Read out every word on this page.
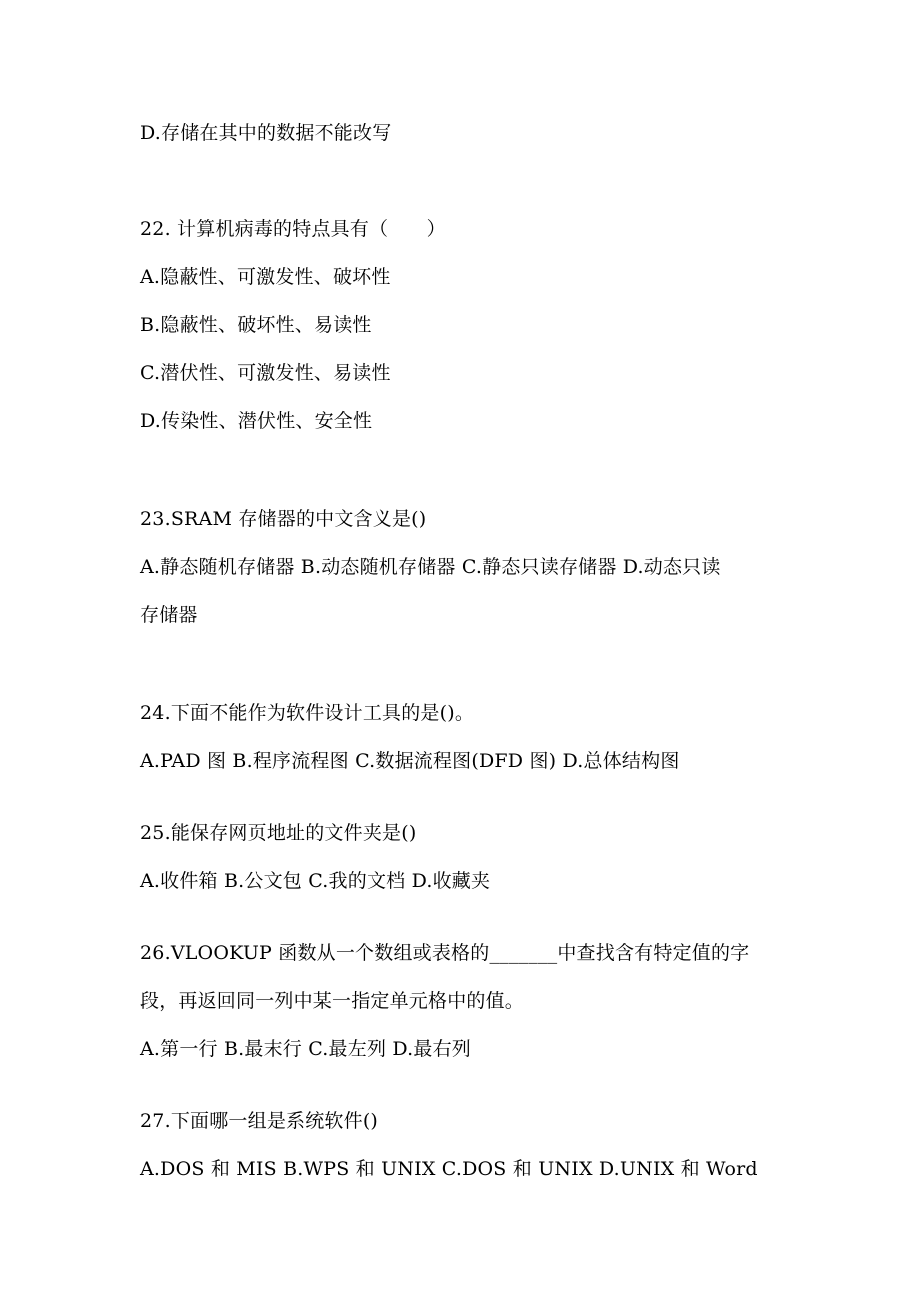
D.存储在其中的数据不能改写
22. 计算机病毒的特点具有（　　）
A.隐蔽性、可激发性、破坏性
B.隐蔽性、破坏性、易读性
C.潜伏性、可激发性、易读性
D.传染性、潜伏性、安全性
23.SRAM 存储器的中文含义是()
A.静态随机存储器 B.动态随机存储器 C.静态只读存储器 D.动态只读
存储器
24.下面不能作为软件设计工具的是()。
A.PAD 图 B.程序流程图 C.数据流程图(DFD 图) D.总体结构图
25.能保存网页地址的文件夹是()
A.收件箱 B.公文包 C.我的文档 D.收藏夹
26.VLOOKUP 函数从一个数组或表格的_______中查找含有特定值的字
段，再返回同一列中某一指定单元格中的值。
A.第一行 B.最末行 C.最左列 D.最右列
27.下面哪一组是系统软件()
A.DOS 和 MIS B.WPS 和 UNIX C.DOS 和 UNIX D.UNIX 和 Word
